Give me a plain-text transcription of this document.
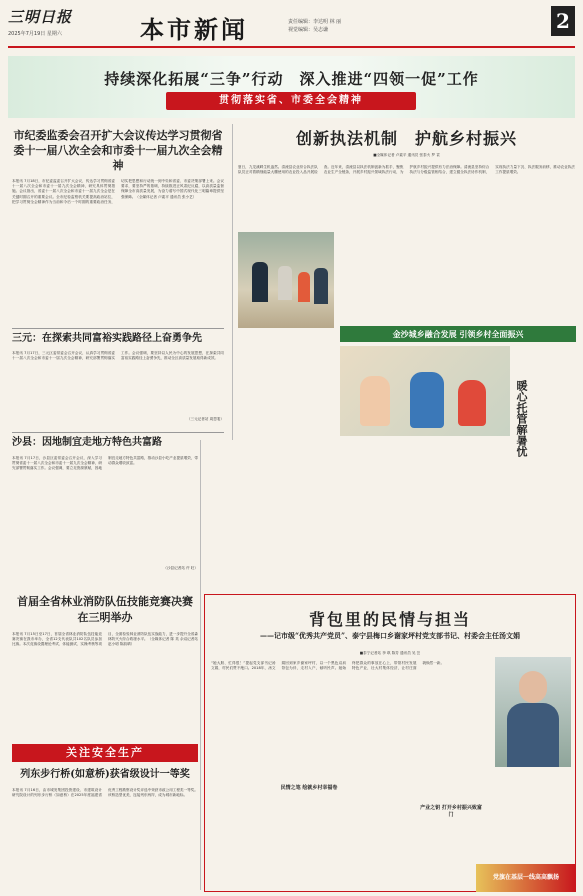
三明日报
2025年7月19日 星期六	本市新闻	责任编辑：李达明 林 丽
视觉编辑：吴志谦	2
持续深化拓展“三争”行动　深入推进“四领一促”工作
贯彻落实省、市委全会精神
市纪委监委会召开扩大会议传达学习贯彻省委十一届八次全会和市委十一届九次全会精神
本报讯 7月18日，市纪委监委召开扩大会议，传达学习贯彻省委十一届八次全会和市委十一届九次全会精神，研究具体贯彻措施。会议指出，省委十一届八次全会和市委十一届九次全会是在关键时期召开的重要会议。全市纪检监察机关要提高政治站位，把学习贯彻全会精神作为当前和今后一个时期的重要政治任务，切实把思想和行动统一到中央和省委、市委决策部署上来。会议要求，要坚持严的基调，持续推进正风肃纪反腐，以高质量监督保障全市高质量发展，为奋力谱写中国式现代化三明篇章提供坚强保障。（全媒体记者 卢素平 通讯员 张小艺）
三元：在探索共同富裕实践路径上奋勇争先
本报讯 7月17日，三元区委常委会召开会议，认真学习贯彻省委十一届八次全会和市委十一届九次全会精神，研究部署贯彻落实工作。会议强调，要坚持以人民为中心的发展思想，在探索共同富裕实践路径上奋勇争先，推动全区高质量发展取得新成效。
（三元记者站 周思斐）
沙县：因地制宜走地方特色共富路
本报讯 7月17日，沙县区委常委会召开会议，深入学习贯彻省委十一届八次全会和市委十一届九次全会精神，研究部署贯彻落实工作。会议强调，要立足资源禀赋，因地制宜走地方特色共富路，推动沙县小吃产业提质增效，带动群众增收致富。
（沙县记者站 许 旺）
创新执法机制　护航乡村振兴
■全媒体记者 卢素平 通讯员 张泰火 罗 袁
夏日，九龙溪畔生机盎然。清流县农业综合执法队队员正对着精细能量大棚使用的农业投入品开展检查。近年来，清流县以执法机制创新为抓手，聚焦农业生产全链条，开展乡村振兴领域执法行动，为护航乡村振兴提供有力法治保障。清流县坚持综合执法与分级监管相结合，建立健全执法协作机制，实现执法力量下沉、执法服务前移，推动农业执法工作提质增效。
金沙城乡融合发展 引领乡村全面振兴
暖心托管解暑忧
首届全省林业消防队伍技能竞赛决赛在三明举办
本报讯 7月15日至17日，首届全省林业消防队伍技能竞赛决赛在我市举办，全省12支代表队共102名队员参加比赛。本次竞赛设置理论考试、体能测试、实操考核等项目，全面检验林业消防队伍实战能力，进一步提升全省森林防灭火综合救援水平。（全媒体记者 陈 英 余双记者站 赵小明 陈韵晴）
关注安全生产
列东步行桥(如意桥)获省级设计一等奖
本报讯 7月16日，由市城发集团投资建设、市建筑设计研究院设计的列东步行桥（如意桥）在2025年度福建省优秀工程勘察设计奖评选中荣获市政公用工程类一等奖。该桥造型优美，连接列东两岸，成为城市新地标。
背包里的民情与担当
——记市级“优秀共产党员”、泰宁县梅口乡谢家坪村党支部书记、村委会主任汤文娟
■泰宁记者站 李 琪 陈芳 通讯员 吴 芸
“她大胆、忙得很！”提起党支部书记汤文娟，村民们赞不绝口。2018年，汤文娟回到家乡谢家坪村，以一个黑色双肩背包为伴，走村入户，倾听民声。她始终把群众的事放在心上，带领村民发展特色产业，壮大村集体经济，让村庄面貌焕然一新。
民情之笔 绘就乡村幸福卷
产业之钥 打开乡村振兴致富门
党旗在基层一线高高飘扬
